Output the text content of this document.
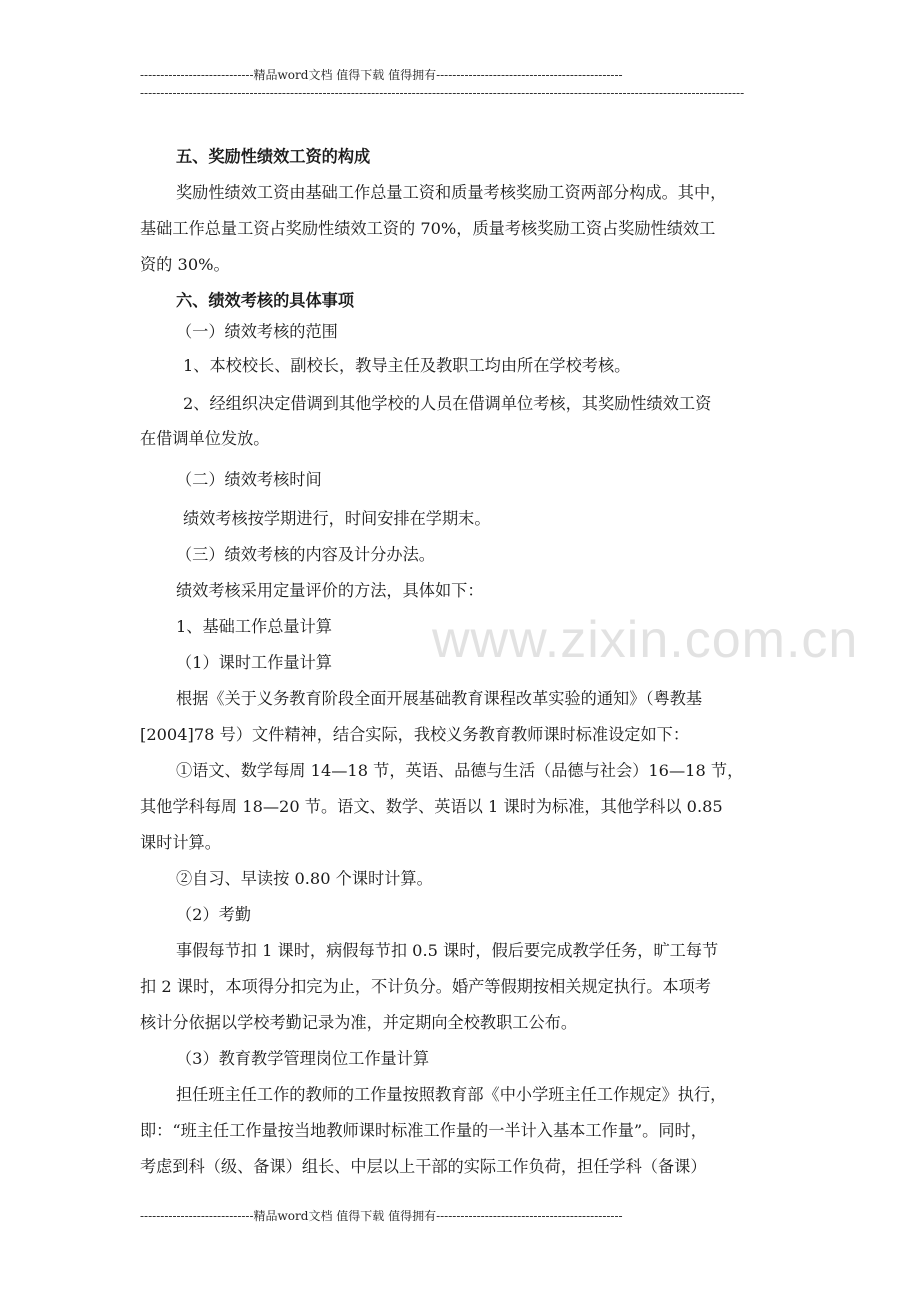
----------------------------精品word文档 值得下载 值得拥有----------------------------------------------
-----------------------------------------------------------------------------------------------------------------------------------------------------
www.zixin.com.cn
五、奖励性绩效工资的构成
奖励性绩效工资由基础工作总量工资和质量考核奖励工资两部分构成。其中，
基础工作总量工资占奖励性绩效工资的 70%，质量考核奖励工资占奖励性绩效工
资的 30%。
六、绩效考核的具体事项
（一）绩效考核的范围
1、本校校长、副校长，教导主任及教职工均由所在学校考核。
2、经组织决定借调到其他学校的人员在借调单位考核，其奖励性绩效工资
在借调单位发放。
（二）绩效考核时间
绩效考核按学期进行，时间安排在学期末。
（三）绩效考核的内容及计分办法。
绩效考核采用定量评价的方法，具体如下：
1、基础工作总量计算
（1）课时工作量计算
根据《关于义务教育阶段全面开展基础教育课程改革实验的通知》（粤教基
[2004]78 号）文件精神，结合实际，我校义务教育教师课时标准设定如下：
①语文、数学每周 14—18 节，英语、品德与生活（品德与社会）16—18 节，
其他学科每周 18—20 节。语文、数学、英语以 1 课时为标准，其他学科以 0.85
课时计算。
②自习、早读按 0.80 个课时计算。
（2）考勤
事假每节扣 1 课时，病假每节扣 0.5 课时，假后要完成教学任务，旷工每节
扣 2 课时，本项得分扣完为止，不计负分。婚产等假期按相关规定执行。本项考
核计分依据以学校考勤记录为准，并定期向全校教职工公布。
（3）教育教学管理岗位工作量计算
担任班主任工作的教师的工作量按照教育部《中小学班主任工作规定》执行，
即：“班主任工作量按当地教师课时标准工作量的一半计入基本工作量”。同时，
考虑到科（级、备课）组长、中层以上干部的实际工作负荷，担任学科（备课）
----------------------------精品word文档 值得下载 值得拥有----------------------------------------------
